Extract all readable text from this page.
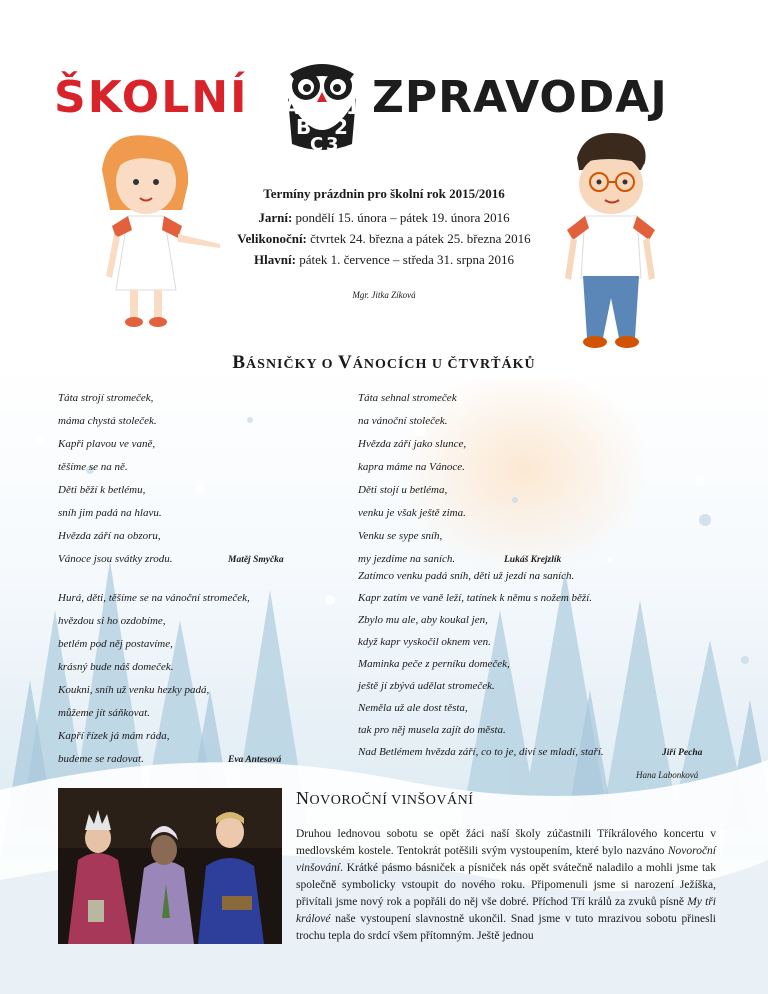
ŠKOLNÍ A
B
C
1
2
3
ZPRAVODAJ
Termíny prázdnin pro školní rok 2015/2016
Jarní: pondělí 15. února – pátek 19. února 2016
Velikonoční: čtvrtek 24. března a pátek 25. března 2016
Hlavní: pátek 1. července – středa 31. srpna 2016
Mgr. Jitka Zíková
BÁSNIČKY O VÁNOCÍCH U ČTVRŤÁKŮ
Táta strojí stromeček,
máma chystá stoleček.
Kapři plavou ve vaně,
těšíme se na ně.
Děti běží k betlému,
sníh jim padá na hlavu.
Hvězda září na obzoru,
Vánoce jsou svátky zrodu.	Matěj Smyčka
Táta sehnal stromeček
na vánoční stoleček.
Hvězda září jako slunce,
kapra máme na Vánoce.
Děti stojí u betléma,
venku je však ještě zima.
Venku se sype sníh,
my jezdíme na saních.	Lukáš Krejzlík
Hurá, děti, těšíme se na vánoční stromeček,
hvězdou si ho ozdobíme,
betlém pod něj postavíme,
krásný bude náš domeček.
Koukni, sníh už venku hezky padá,
můžeme jít sáňkovat.
Kapří řízek já mám ráda,
budeme se radovat.	Eva Antesová
Zatímco venku padá sníh, děti už jezdí na saních.
Kapr zatím ve vaně leží, tatínek k němu s nožem běží.
Zbylo mu ale, aby koukal jen,
když kapr vyskočil oknem ven.
Maminka peče z perníku domeček,
ještě jí zbývá udělat stromeček.
Neměla už ale dost těsta,
tak pro něj musela zajít do města.
Nad Betlémem hvězda září, co to je, diví se mladí, staří.	Jiří Pecha
Hana Labonková
NOVOROČNÍ VINŠOVÁNÍ
Druhou lednovou sobotu se opět žáci naší školy zúčastnili Tříkrálového koncertu v medlovském kostele. Tentokrát potěšili svým vystoupením, které bylo nazváno Novoroční vinšování. Krátké pásmo básniček a písniček nás opět svátečně naladilo a mohli jsme tak společně symbolicky vstoupit do nového roku. Připomenuli jsme si narození Ježíška, přivítali jsme nový rok a popřáli do něj vše dobré. Příchod Tří králů za zvuků písně My tři králové naše vystoupení slavnostně ukončil. Snad jsme v tuto mrazivou sobotu přinesli trochu tepla do srdcí všem přítomným. Ještě jednou
